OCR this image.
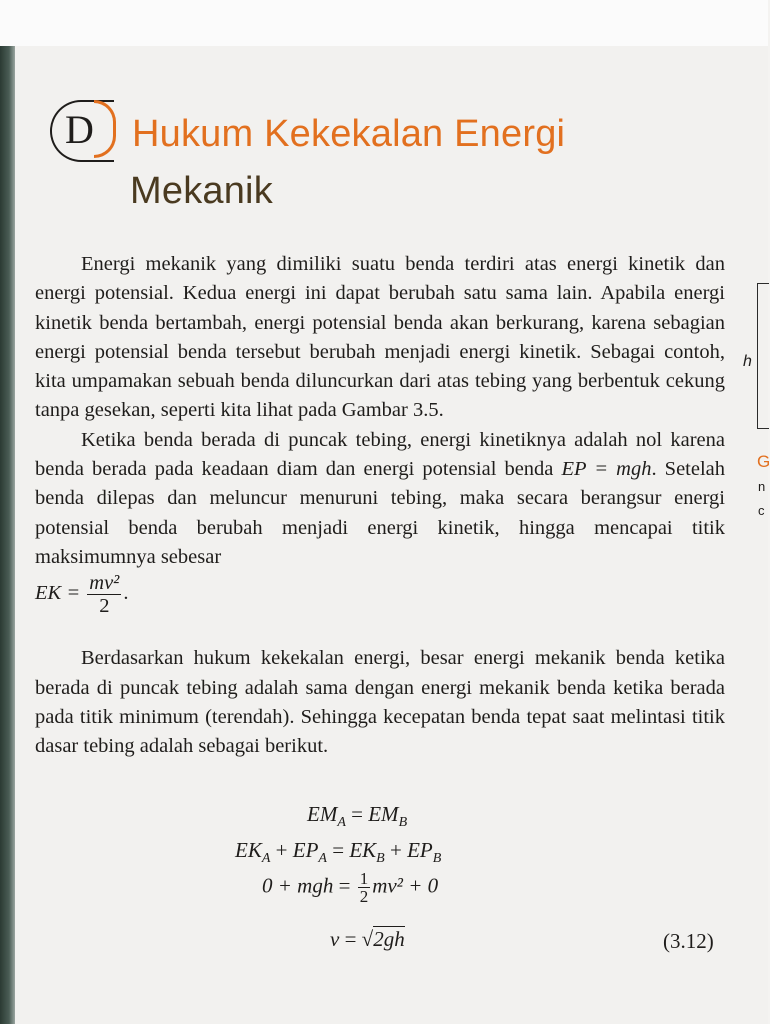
D	Hukum Kekekalan Energi
Mekanik

Energi mekanik yang dimiliki suatu benda terdiri atas energi kinetik dan energi potensial. Kedua energi ini dapat berubah satu sama lain. Apabila energi kinetik benda bertambah, energi potensial benda akan berkurang, karena sebagian energi potensial benda tersebut berubah menjadi energi kinetik. Sebagai contoh, kita umpamakan sebuah benda diluncurkan dari atas tebing yang berbentuk cekung tanpa gesekan, seperti kita lihat pada Gambar 3.5.

Ketika benda berada di puncak tebing, energi kinetiknya adalah nol karena benda berada pada keadaan diam dan energi potensial benda EP = mgh. Setelah benda dilepas dan meluncur menuruni tebing, maka secara berangsur energi potensial benda berubah menjadi energi kinetik, hingga mencapai titik maksimumnya sebesar

EK = $\frac{\text{mv²}}{2}$ .

Berdasarkan hukum kekekalan energi, besar energi mekanik benda ketika berada di puncak tebing adalah sama dengan energi mekanik benda ketika berada pada titik minimum (terendah). Sehingga kecepatan benda tepat saat melintasi titik dasar tebing adalah sebagai berikut.

$EM_A = EM_B$
$EK_A + EP_A = EK_B + EP_B$
0 + mgh = $\frac{1}{2} mv^2 + 0$
v = √2gh	(3.12)
h
G
n
c
